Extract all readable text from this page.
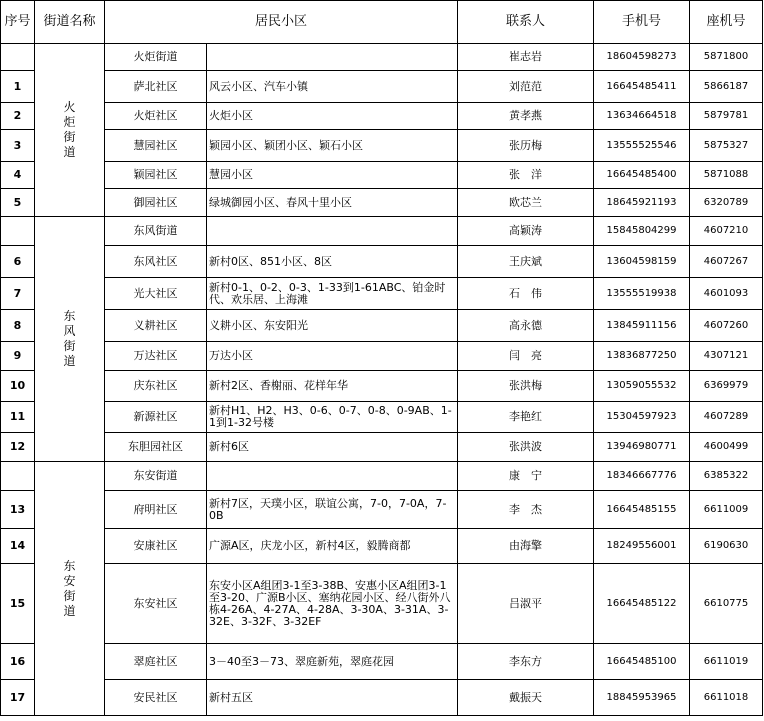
序号	街道名称	居民小区		联系人	手机号	座机号
	火炬街道	火炬街道		崔志岩	18604598273	5871800
1		萨北社区	风云小区、汽车小镇	刘范范	16645485411	5866187
2		火炬社区	火炬小区	黄孝燕	13634664518	5879781
3		慧园社区	颖园小区、颖团小区、颖石小区	张历梅	13555525546	5875327
4		颖园社区	慧园小区	张　洋	16645485400	5871088
5		御园社区	绿城御园小区、春风十里小区	欧芯兰	18645921193	6320789
	东风街道	东风街道		高颖涛	15845804299	4607210
6		东风社区	新村0区、851小区、8区	王庆斌	13604598159	4607267
7		光大社区	新村0-1、0-2、0-3、1-33到1-61ABC、铂金时代、欢乐居、上海滩	石　伟	13555519938	4601093
8		义耕社区	义耕小区、东安阳光	高永德	13845911156	4607260
9		万达社区	万达小区	闫　亮	13836877250	4307121
10		庆东社区	新村2区、香榭丽、花样年华	张洪梅	13059055532	6369979
11		新源社区	新村H1、H2、H3、0-6、0-7、0-8、0-9AB、1-1到1-32号楼	李艳红	15304597923	4607289
12		东胆园社区	新村6区	张洪波	13946980771	4600499
	东安街道	东安街道		康　宁	18346667776	6385322
13		府明社区	新村7区，天璞小区，联谊公寓，7-0，7-0A，7-0B	李　杰	16645485155	6611009
14		安康社区	广源A区，庆龙小区，新村4区，毅腾商都	由海擎	18249556001	6190630
15		东安社区	东安小区A组团3-1至3-38B、安惠小区A组团3-1至3-20、广源B小区、塞纳花园小区、经八街外八栋4-26A、4-27A、4-28A、3-30A、3-31A、3-32E、3-32F、3-32EF	吕淑平	16645485122	6610775
16		翠庭社区	3－40至3－73、翠庭新苑，翠庭花园	李东方	16645485100	6611019
17		安民社区	新村五区	戴振天	18845953965	6611018
